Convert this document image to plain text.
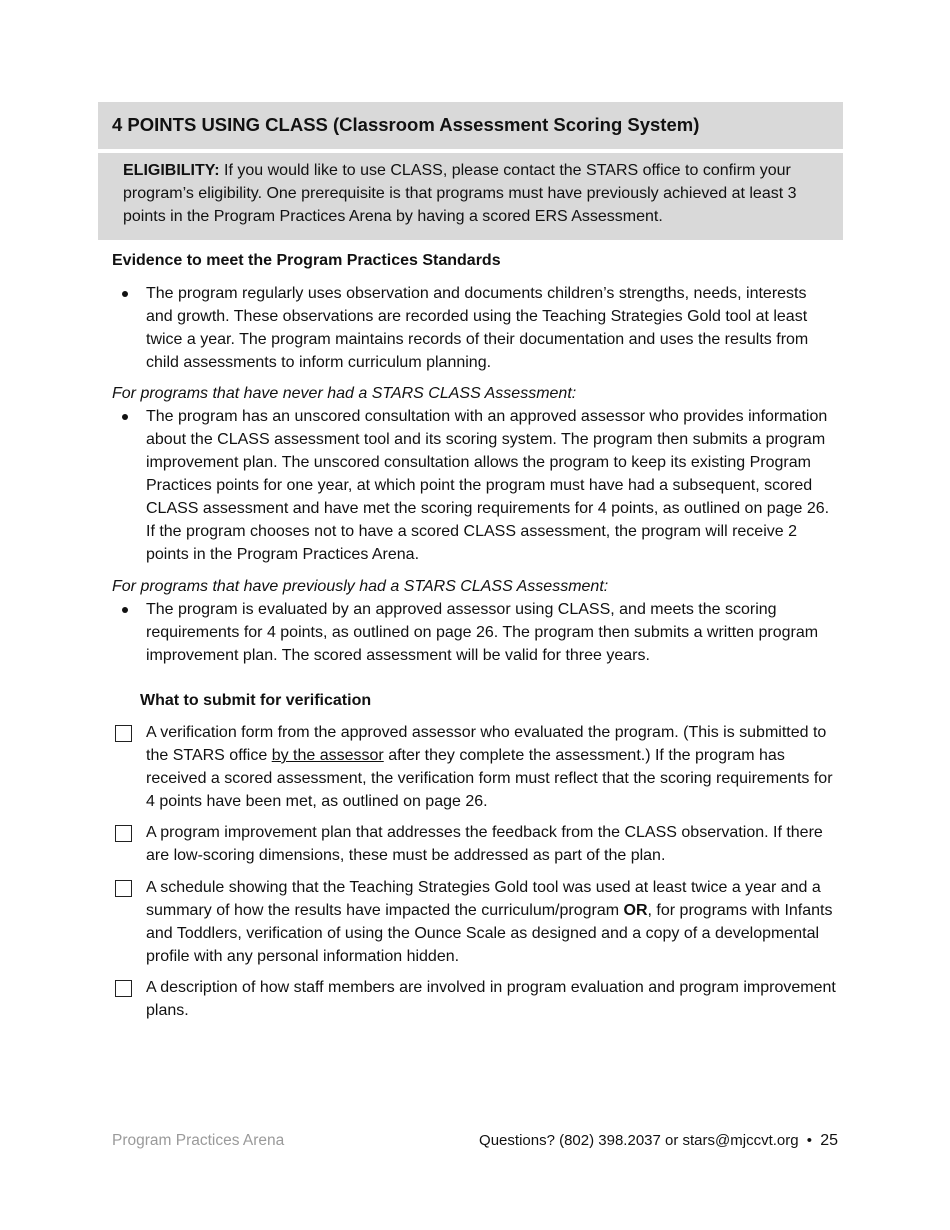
4 POINTS USING CLASS (Classroom Assessment Scoring System)
ELIGIBILITY: If you would like to use CLASS, please contact the STARS office to confirm your program’s eligibility. One prerequisite is that programs must have previously achieved at least 3 points in the Program Practices Arena by having a scored ERS Assessment.
Evidence to meet the Program Practices Standards
The program regularly uses observation and documents children’s strengths, needs, interests and growth. These observations are recorded using the Teaching Strategies Gold tool at least twice a year. The program maintains records of their documentation and uses the results from child assessments to inform curriculum planning.
For programs that have never had a STARS CLASS Assessment:
The program has an unscored consultation with an approved assessor who provides information about the CLASS assessment tool and its scoring system. The program then submits a program improvement plan. The unscored consultation allows the program to keep its existing Program Practices points for one year, at which point the program must have had a subsequent, scored CLASS assessment and have met the scoring requirements for 4 points, as outlined on page 26. If the program chooses not to have a scored CLASS assessment, the program will receive 2 points in the Program Practices Arena.
For programs that have previously had a STARS CLASS Assessment:
The program is evaluated by an approved assessor using CLASS, and meets the scoring requirements for 4 points, as outlined on page 26. The program then submits a written program improvement plan. The scored assessment will be valid for three years.
What to submit for verification
A verification form from the approved assessor who evaluated the program. (This is submitted to the STARS office by the assessor after they complete the assessment.) If the program has received a scored assessment, the verification form must reflect that the scoring requirements for 4 points have been met, as outlined on page 26.
A program improvement plan that addresses the feedback from the CLASS observation. If there are low-scoring dimensions, these must be addressed as part of the plan.
A schedule showing that the Teaching Strategies Gold tool was used at least twice a year and a summary of how the results have impacted the curriculum/program OR, for programs with Infants and Toddlers, verification of using the Ounce Scale as designed and a copy of a developmental profile with any personal information hidden.
A description of how staff members are involved in program evaluation and program improvement plans.
Program Practices Arena	Questions? (802) 398.2037 or stars@mjccvt.org • 25
